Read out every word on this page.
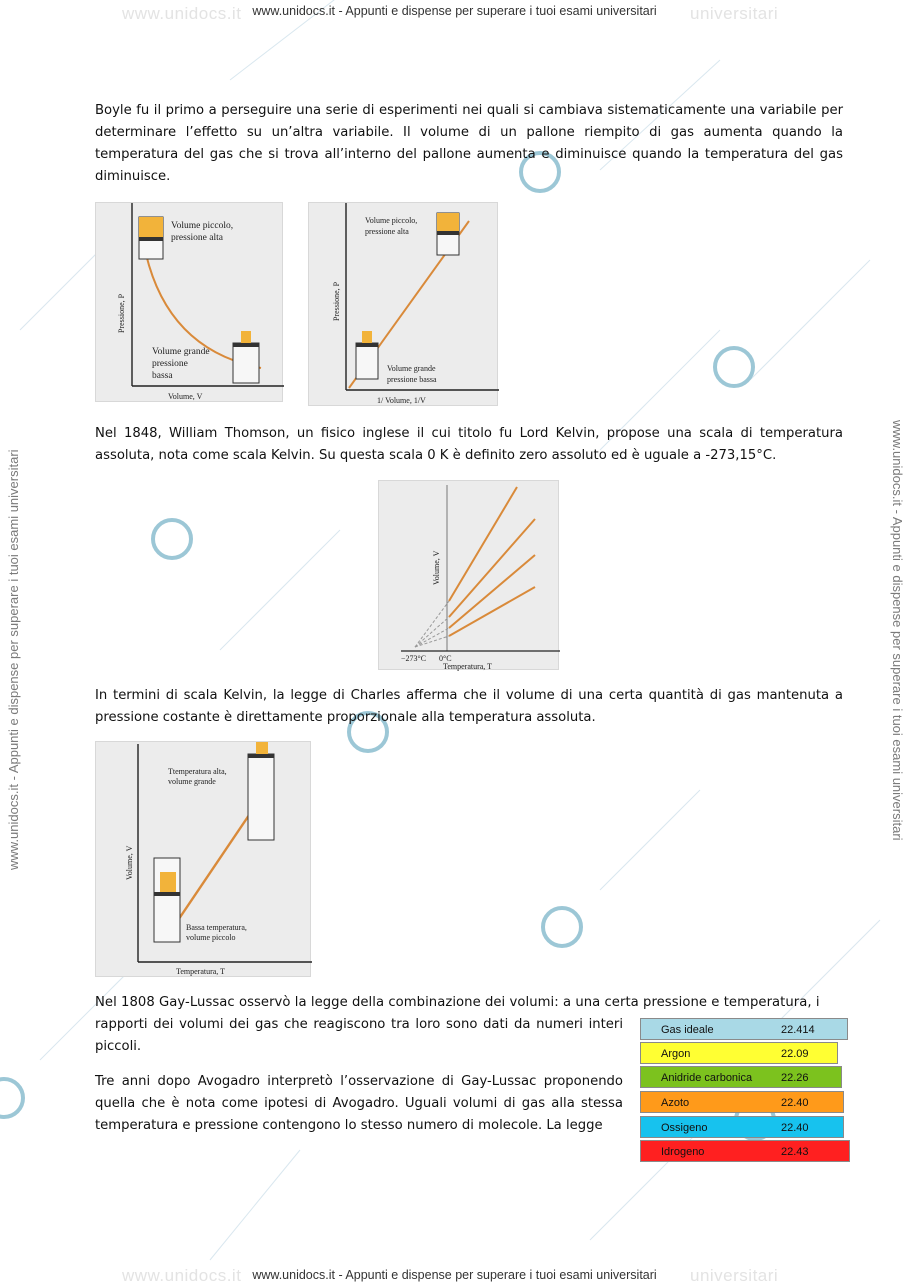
www.unidocs.it	universitari
www.unidocs.it - Appunti e dispense per superare i tuoi esami universitari
www.unidocs.it - Appunti e dispense per superare i tuoi esami universitari	www.unidocs.it - Appunti e dispense per superare i tuoi esami universitari
Boyle fu il primo a perseguire una serie di esperimenti nei quali si cambiava sistematicamente una variabile per determinare l’effetto su un’altra variabile. Il volume di un pallone riempito di gas aumenta quando la temperatura del gas che si trova all’interno del pallone aumenta e diminuisce quando la temperatura del gas diminuisce.
Volume piccolo,
pressione alta
Volume grande
pressione
bassa
Volume, V
Pressione, P
Volume piccolo,
pressione alta
Volume grande
pressione bassa
1/ Volume, 1/V
Pressione, P
Nel 1848, William Thomson, un fisico inglese il cui titolo fu Lord Kelvin, propose una scala di temperatura assoluta, nota come scala Kelvin. Su questa scala 0 K è definito zero assoluto ed è uguale a -273,15°C.
−273°C 0°C
Temperatura, T
Volume, V
In termini di scala Kelvin, la legge di Charles afferma che il volume di una certa quantità di gas mantenuta a pressione costante è direttamente proporzionale alla temperatura assoluta.
Ttemperatura alta,
volume grande
Bassa temperatura,
volume piccolo
Temperatura, T
Volume, V
Nel 1808 Gay-Lussac osservò la legge della combinazione dei volumi: a una certa pressione e temperatura, i
rapporti dei volumi dei gas che reagiscono tra loro sono dati da numeri interi piccoli.
Tre anni dopo Avogadro interpretò l’osservazione di Gay-Lussac proponendo quella che è nota come ipotesi di Avogadro. Uguali volumi di gas alla stessa temperatura e pressione contengono lo stesso numero di molecole. La legge
Gas ideale	22.414
Argon	22.09
Anidride carbonica	22.26
Azoto	22.40
Ossigeno	22.40
Idrogeno	22.43
www.unidocs.it	universitari
www.unidocs.it - Appunti e dispense per superare i tuoi esami universitari
